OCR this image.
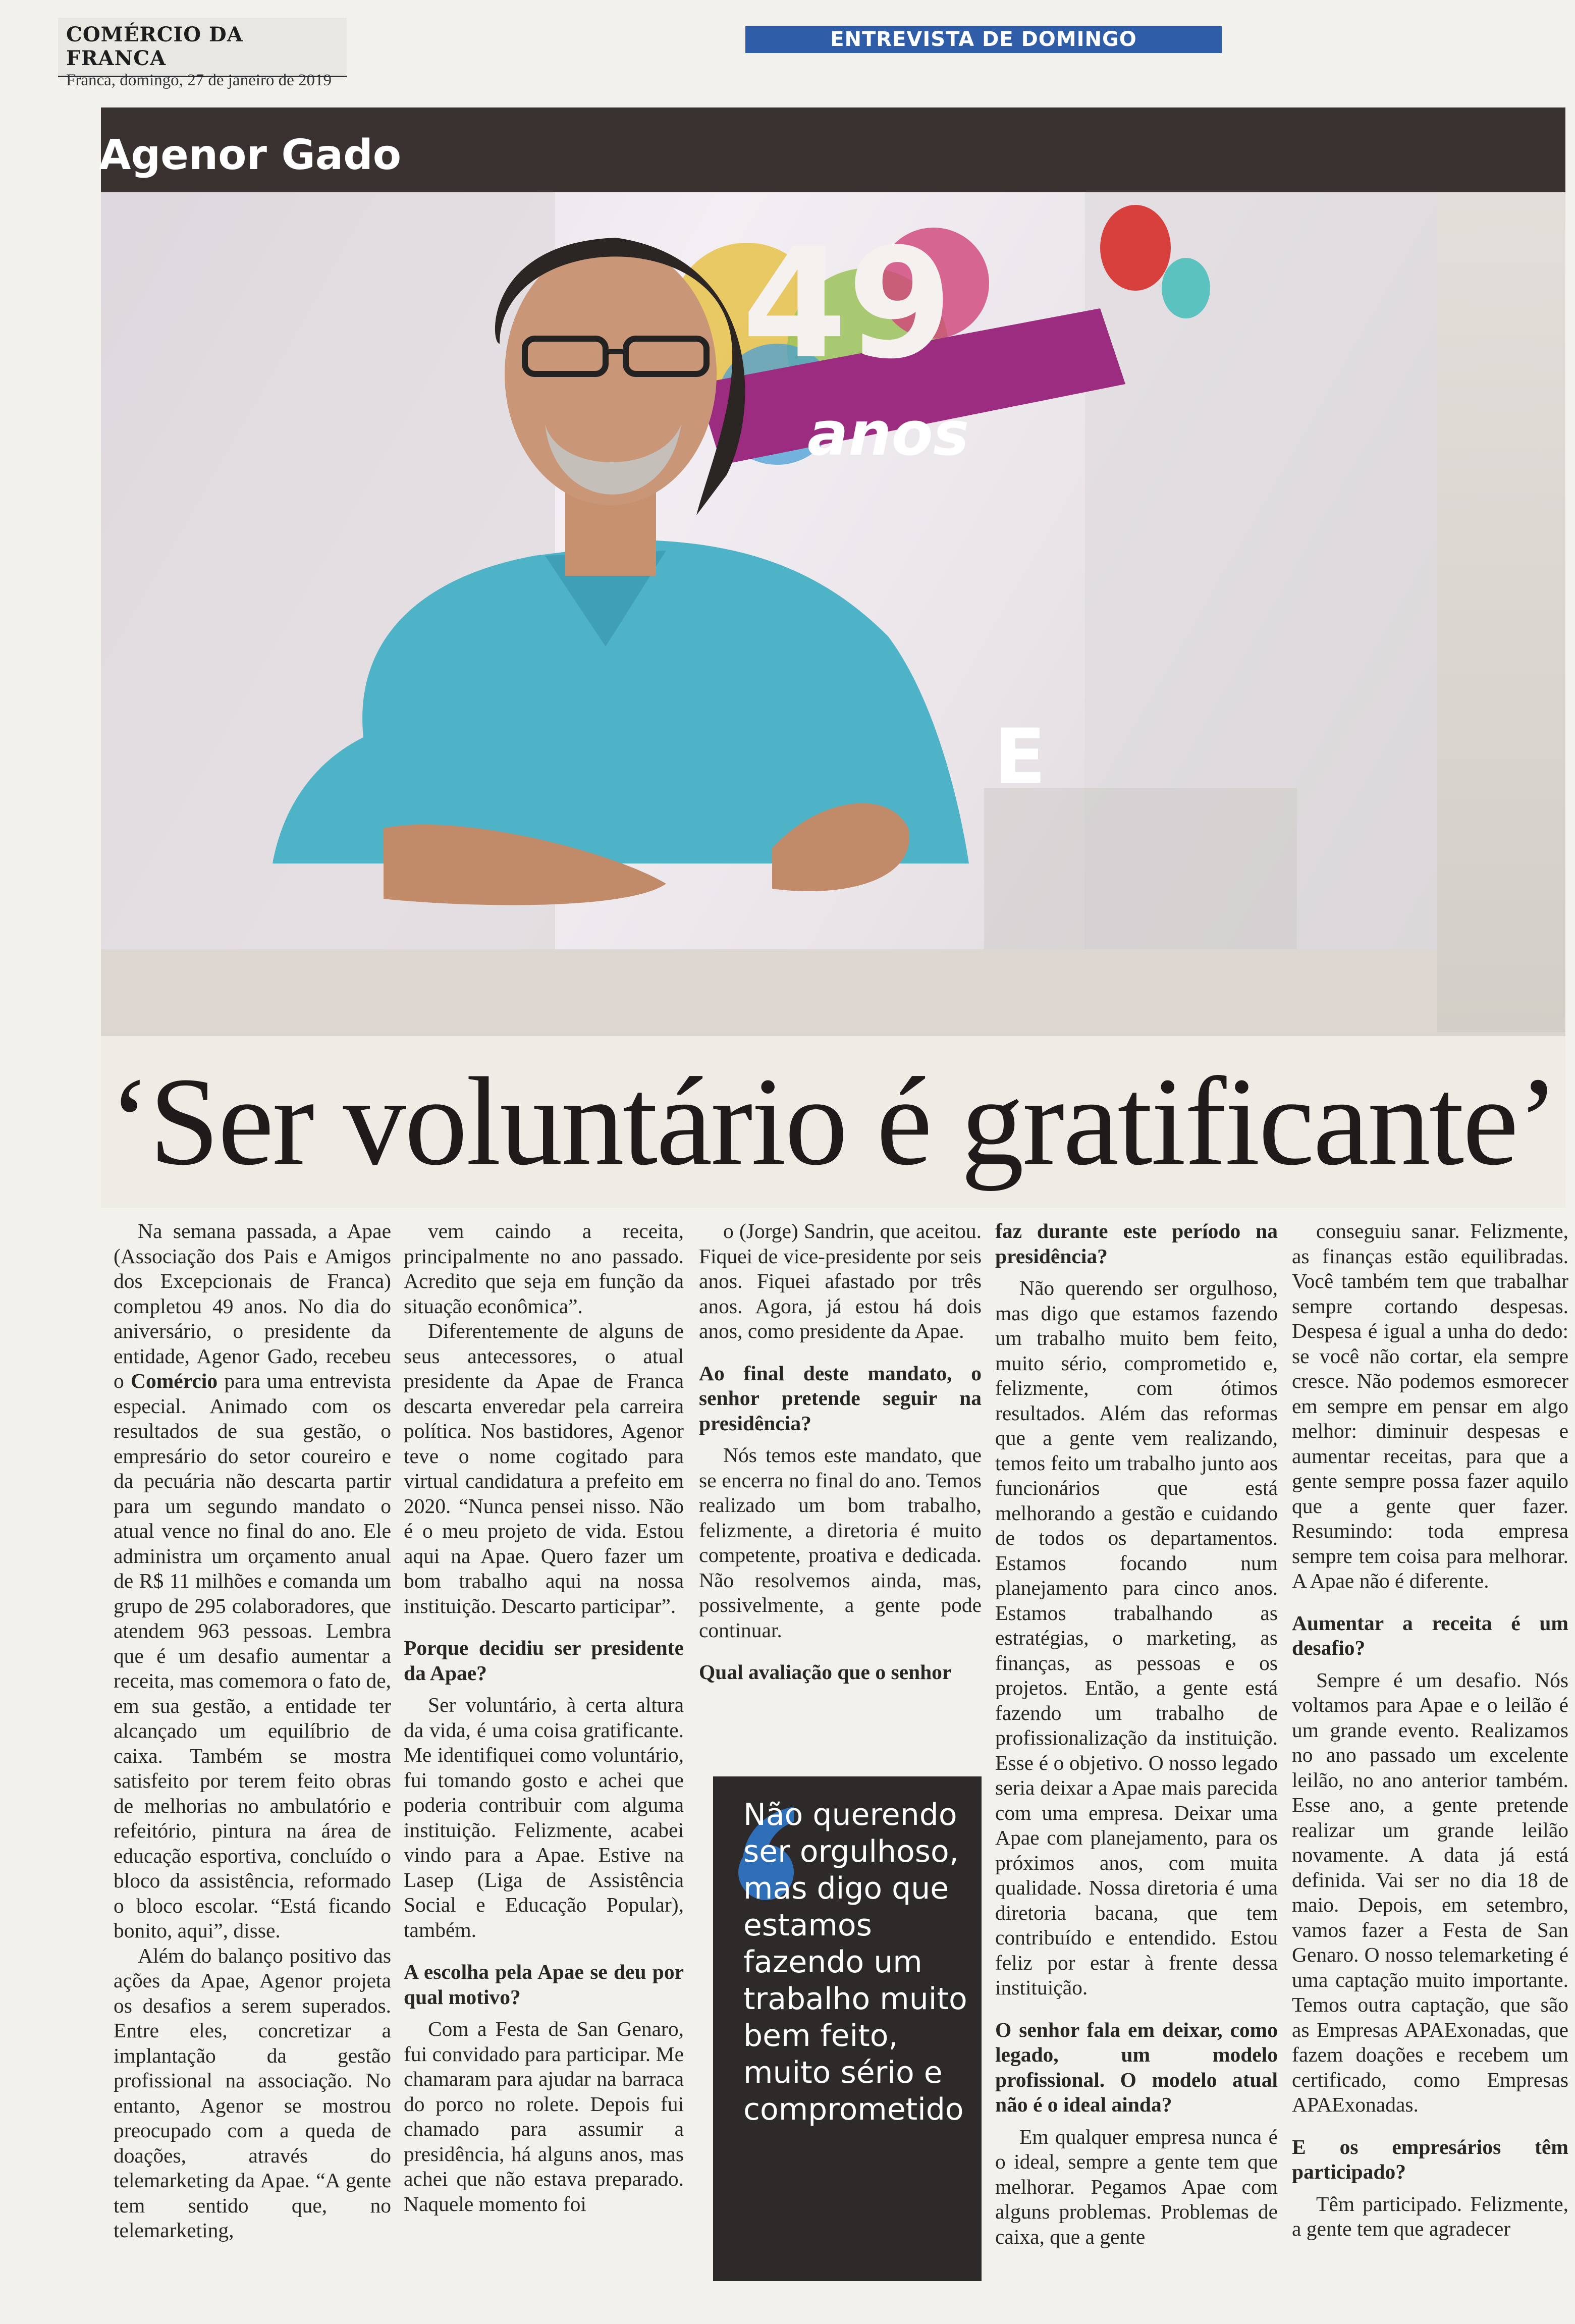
COMÉRCIO DA FRANCA
Franca, domingo, 27 de janeiro de 2019
ENTREVISTA DE DOMINGO
Agenor Gado
49
anos
E
‘Ser voluntário é gratificante’

Na semana passada, a Apae (Associação dos Pais e Amigos dos Excepcionais de Franca) completou 49 anos. No dia do aniversário, o presidente da entidade, Agenor Gado, recebeu o Comércio para uma entrevista especial. Animado com os resultados de sua gestão, o empresário do setor coureiro e da pecuária não descarta partir para um segundo mandato o atual vence no final do ano. Ele administra um orçamento anual de R$ 11 milhões e comanda um grupo de 295 colaboradores, que atendem 963 pessoas. Lembra que é um desafio aumentar a receita, mas comemora o fato de, em sua gestão, a entidade ter alcançado um equilíbrio de caixa. Também se mostra satisfeito por terem feito obras de melhorias no ambulatório e refeitório, pintura na área de educação esportiva, concluído o bloco da assistência, reformado o bloco escolar. “Está ficando bonito, aqui”, disse.

Além do balanço positivo das ações da Apae, Agenor projeta os desafios a serem superados. Entre eles, concretizar a implantação da gestão profissional na associação. No entanto, Agenor se mostrou preocupado com a queda de doações, através do telemarketing da Apae. “A gente tem sentido que, no telemarketing,

vem caindo a receita, principalmente no ano passado. Acredito que seja em função da situação econômica”.

Diferentemente de alguns de seus antecessores, o atual presidente da Apae de Franca descarta enveredar pela carreira política. Nos bastidores, Agenor teve o nome cogitado para virtual candidatura a prefeito em 2020. “Nunca pensei nisso. Não é o meu projeto de vida. Estou aqui na Apae. Quero fazer um bom trabalho aqui na nossa instituição. Descarto participar”.

Porque decidiu ser presidente da Apae?

Ser voluntário, à certa altura da vida, é uma coisa gratificante. Me identifiquei como voluntário, fui tomando gosto e achei que poderia contribuir com alguma instituição. Felizmente, acabei vindo para a Apae. Estive na Lasep (Liga de Assistência Social e Educação Popular), também.

A escolha pela Apae se deu por qual motivo?

Com a Festa de San Genaro, fui convidado para participar. Me chamaram para ajudar na barraca do porco no rolete. Depois fui chamado para assumir a presidência, há alguns anos, mas achei que não estava preparado. Naquele momento foi

o (Jorge) Sandrin, que aceitou. Fiquei de vice-presidente por seis anos. Fiquei afastado por três anos. Agora, já estou há dois anos, como presidente da Apae.

Ao final deste mandato, o senhor pretende seguir na presidência?

Nós temos este mandato, que se encerra no final do ano. Temos realizado um bom trabalho, felizmente, a diretoria é muito competente, proativa e dedicada. Não resolvemos ainda, mas, possivelmente, a gente pode continuar.

Qual avaliação que o senhor
Não querendo ser orgulhoso, mas digo que estamos fazendo um trabalho muito bem feito, muito sério e comprometido
faz durante este período na presidência?

Não querendo ser orgulhoso, mas digo que estamos fazendo um trabalho muito bem feito, muito sério, comprometido e, felizmente, com ótimos resultados. Além das reformas que a gente vem realizando, temos feito um trabalho junto aos funcionários que está melhorando a gestão e cuidando de todos os departamentos. Estamos focando num planejamento para cinco anos. Estamos trabalhando as estratégias, o marketing, as finanças, as pessoas e os projetos. Então, a gente está fazendo um trabalho de profissionalização da instituição. Esse é o objetivo. O nosso legado seria deixar a Apae mais parecida com uma empresa. Deixar uma Apae com planejamento, para os próximos anos, com muita qualidade. Nossa diretoria é uma diretoria bacana, que tem contribuído e entendido. Estou feliz por estar à frente dessa instituição.

O senhor fala em deixar, como legado, um modelo profissional. O modelo atual não é o ideal ainda?

Em qualquer empresa nunca é o ideal, sempre a gente tem que melhorar. Pegamos Apae com alguns problemas. Problemas de caixa, que a gente

conseguiu sanar. Felizmente, as finanças estão equilibradas. Você também tem que trabalhar sempre cortando despesas. Despesa é igual a unha do dedo: se você não cortar, ela sempre cresce. Não podemos esmorecer em sempre em pensar em algo melhor: diminuir despesas e aumentar receitas, para que a gente sempre possa fazer aquilo que a gente quer fazer. Resumindo: toda empresa sempre tem coisa para melhorar. A Apae não é diferente.

Aumentar a receita é um desafio?

Sempre é um desafio. Nós voltamos para Apae e o leilão é um grande evento. Realizamos no ano passado um excelente leilão, no ano anterior também. Esse ano, a gente pretende realizar um grande leilão novamente. A data já está definida. Vai ser no dia 18 de maio. Depois, em setembro, vamos fazer a Festa de San Genaro. O nosso telemarketing é uma captação muito importante. Temos outra captação, que são as Empresas APAExonadas, que fazem doações e recebem um certificado, como Empresas APAExonadas.

E os empresários têm participado?

Têm participado. Felizmente, a gente tem que agradecer
